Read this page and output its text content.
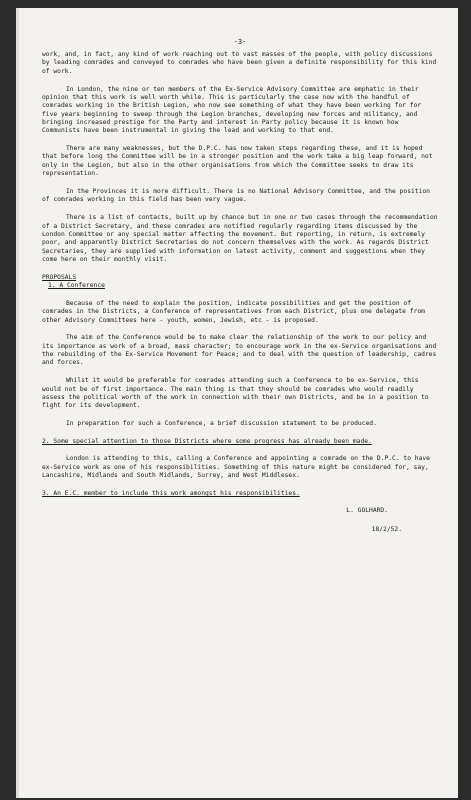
-3-

work, and, in fact, any kind of work reaching out to vast masses of the people, with policy discussions by leading comrades and conveyed to comrades who have been given a definite responsibility for this kind of work.

In London, the nine or ten members of the Ex-Service Advisory Committee are emphatic in their opinion that this work is well worth while. This is particularly the case now with the handful of comrades working in the British Legion, who now see something of what they have been working for for five years beginning to sweep through the Legion branches, developing new forces and militancy, and bringing increased prestige for the Party and interest in Party policy because it is known how Communists have been instrumental in giving the lead and working to that end.

There are many weaknesses, but the D.P.C. has now taken steps regarding these, and it is hoped that before long the Committee will be in a stronger position and the work take a big leap forward, not only in the Legion, but also in the other organisations from which the Committee seeks to draw its representation.

In the Provinces it is more difficult. There is no National Advisory Committee, and the position of comrades working in this field has been very vague.

There is a list of contacts, built up by chance but in one or two cases through the recommendation of a District Secretary, and these comrades are notified regularly regarding items discussed by the London Committee or any special matter affecting the movement. But reporting, in return, is extremely poor, and apparently District Secretaries do not concern themselves with the work. As regards District Secretaries, they are supplied with information on latest activity, comment and suggestions when they come here on their monthly visit.

PROPOSALS

1. A Conference

Because of the need to explain the position, indicate possibilities and get the position of comrades in the Districts, a Conference of representatives from each District, plus one delegate from other Advisory Committees here - youth, women, Jewish, etc - is proposed.

The aim of the Conference would be to make clear the relationship of the work to our policy and its importance as work of a broad, mass character; to encourage work in the ex-Service organisations and the rebuilding of the Ex-Service Movement for Peace; and to deal with the question of leadership, cadres and forces.

Whilst it would be preferable for comrades attending such a Conference to be ex-Service, this would not be of first importance. The main thing is that they should be comrades who would readily assess the political worth of the work in connection with their own Districts, and be in a position to fight for its development.

In preparation for such a Conference, a brief discussion statement to be produced.

2. Some special attention to those Districts where some progress has already been made.

London is attending to this, calling a Conference and appointing a comrade on the D.P.C. to have ex-Service work as one of his responsibilities. Something of this nature might be considered for, say, Lancashire, Midlands and South Midlands, Surrey, and West Middlesex.

3. An E.C. member to include this work amongst his responsibilities.

L. GOLHARD.

18/2/52.
